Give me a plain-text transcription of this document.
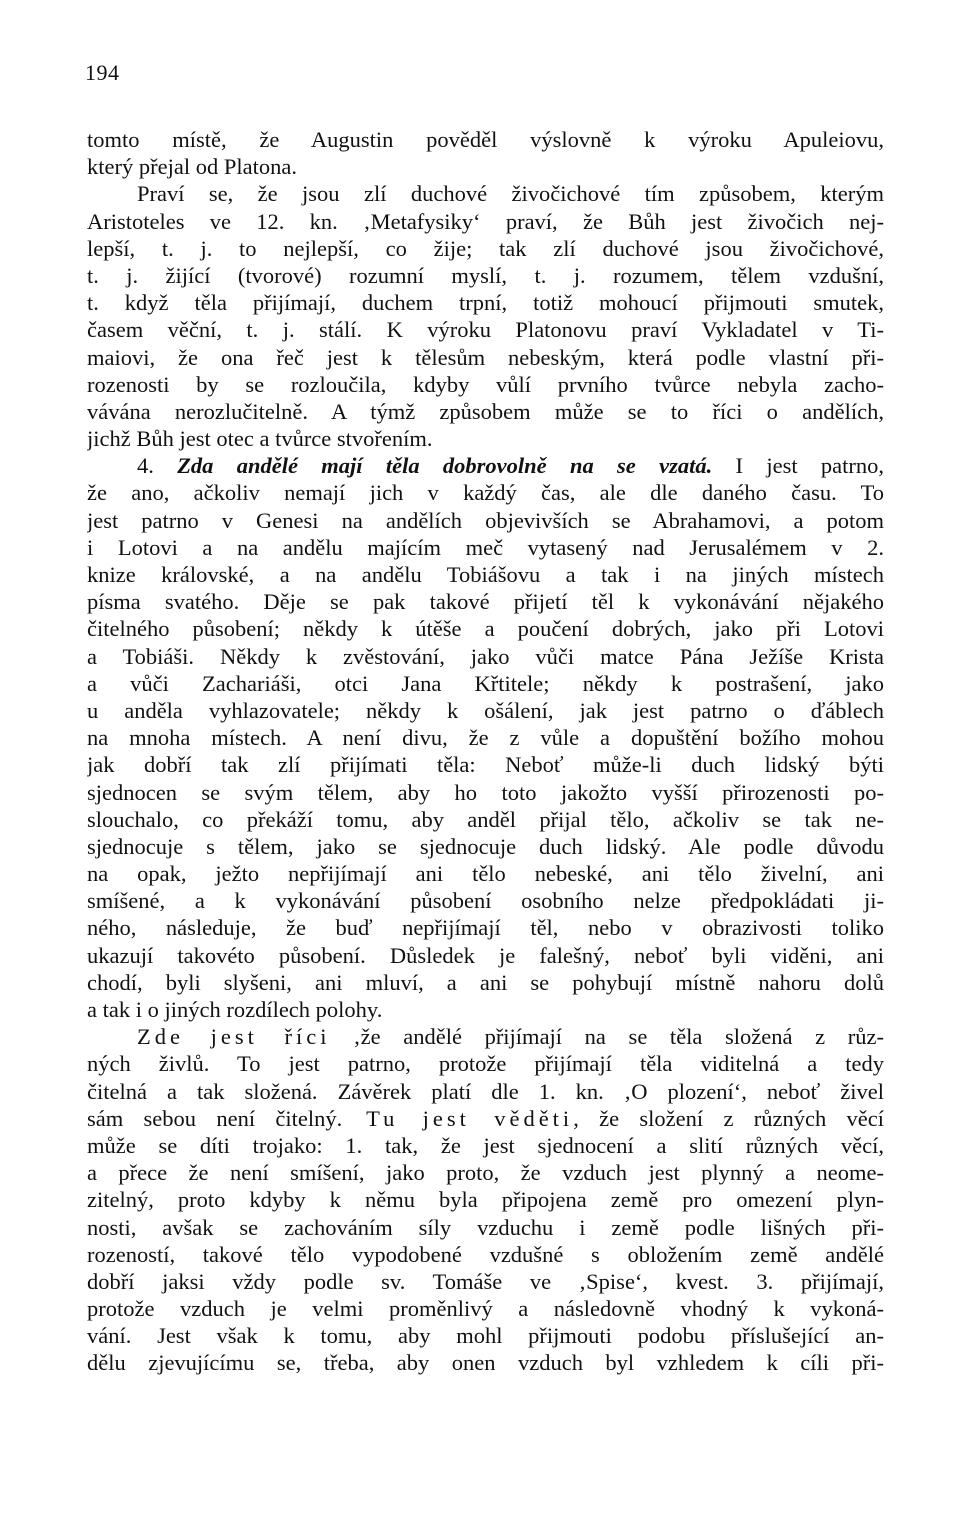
194
tomto místě, že Augustin pověděl výslovně k výroku Apuleiovu,
který přejal od Platona.
Praví se, že jsou zlí duchové živočichové tím způsobem, kterým
Aristoteles ve 12. kn. ‚Metafysiky‘ praví, že Bůh jest živočich nej-
lepší, t. j. to nejlepší, co žije; tak zlí duchové jsou živočichové,
t. j. žijící (tvorové) rozumní myslí, t. j. rozumem, tělem vzdušní,
t. když těla přijímají, duchem trpní, totiž mohoucí přijmouti smutek,
časem věční, t. j. stálí. K výroku Platonovu praví Vykladatel v Ti-
maiovi, že ona řeč jest k tělesům nebeským, která podle vlastní při-
rozenosti by se rozloučila, kdyby vůlí prvního tvůrce nebyla zacho-
vávána nerozlučitelně. A týmž způsobem může se to říci o andělích,
jichž Bůh jest otec a tvůrce stvořením.
4. Zda andělé mají těla dobrovolně na se vzatá. I jest patrno,
že ano, ačkoliv nemají jich v každý čas, ale dle daného času. To
jest patrno v Genesi na andělích objevivších se Abrahamovi, a potom
i Lotovi a na andělu majícím meč vytasený nad Jerusalémem v 2.
knize královské, a na andělu Tobiášovu a tak i na jiných místech
písma svatého. Děje se pak takové přijetí těl k vykonávání nějakého
čitelného působení; někdy k útěše a poučení dobrých, jako při Lotovi
a Tobiáši. Někdy k zvěstování, jako vůči matce Pána Ježíše Krista
a vůči Zachariáši, otci Jana Křtitele; někdy k postrašení, jako
u anděla vyhlazovatele; někdy k ošálení, jak jest patrno o ďáblech
na mnoha místech. A není divu, že z vůle a dopuštění božího mohou
jak dobří tak zlí přijímati těla: Neboť může-li duch lidský býti
sjednocen se svým tělem, aby ho toto jakožto vyšší přirozenosti po-
slouchalo, co překáží tomu, aby anděl přijal tělo, ačkoliv se tak ne-
sjednocuje s tělem, jako se sjednocuje duch lidský. Ale podle důvodu
na opak, ježto nepřijímají ani tělo nebeské, ani tělo živelní, ani
smíšené, a k vykonávání působení osobního nelze předpokládati ji-
ného, následuje, že buď nepřijímají těl, nebo v obrazivosti toliko
ukazují takovéto působení. Důsledek je falešný, neboť byli viděni, ani
chodí, byli slyšeni, ani mluví, a ani se pohybují místně nahoru dolů
a tak i o jiných rozdílech polohy.
Zde jest říci ‚že andělé přijímají na se těla složená z růz-
ných živlů. To jest patrno, protože přijímají těla viditelná a tedy
čitelná a tak složená. Závěrek platí dle 1. kn. ‚O plození‘, neboť živel
sám sebou není čitelný. Tu jest věděti, že složení z různých věcí
může se díti trojako: 1. tak, že jest sjednocení a slití různých věcí,
a přece že není smíšení, jako proto, že vzduch jest plynný a neome-
zitelný, proto kdyby k němu byla připojena země pro omezení plyn-
nosti, avšak se zachováním síly vzduchu i země podle lišných při-
rozeností, takové tělo vypodobené vzdušné s obložením země andělé
dobří jaksi vždy podle sv. Tomáše ve ‚Spise‘, kvest. 3. přijímají,
protože vzduch je velmi proměnlivý a následovně vhodný k vykoná-
vání. Jest však k tomu, aby mohl přijmouti podobu příslušející an-
dělu zjevujícímu se, třeba, aby onen vzduch byl vzhledem k cíli při-
